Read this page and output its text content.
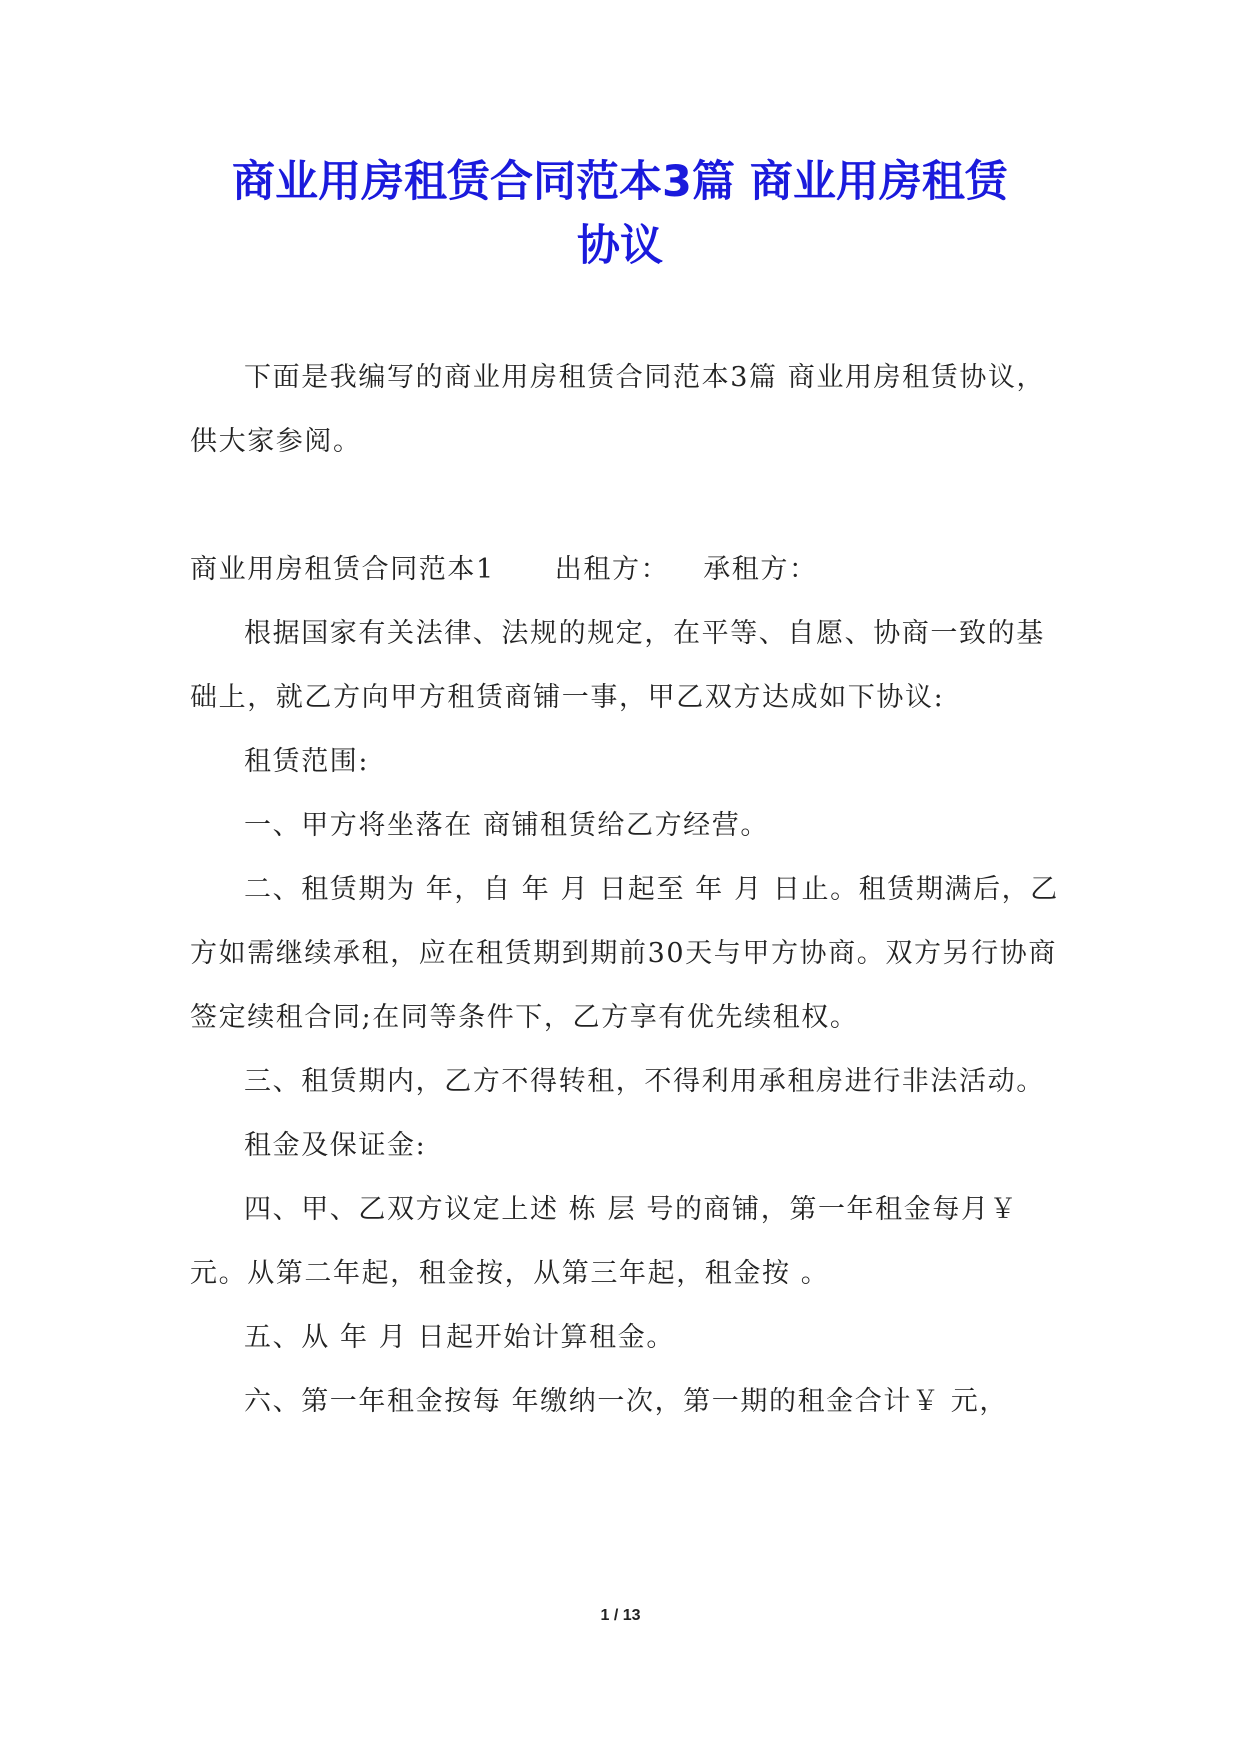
商业用房租赁合同范本3篇 商业用房租赁
协议

下面是我编写的商业用房租赁合同范本3篇 商业用房租赁协议，供大家参阅。

商业用房租赁合同范本1 出租方： 承租方：

根据国家有关法律、法规的规定，在平等、自愿、协商一致的基础上，就乙方向甲方租赁商铺一事，甲乙双方达成如下协议:

租赁范围:

一、甲方将坐落在 商铺租赁给乙方经营。

二、租赁期为 年，自 年 月 日起至 年 月 日止。租赁期满后，乙方如需继续承租，应在租赁期到期前30天与甲方协商。双方另行协商签定续租合同;在同等条件下，乙方享有优先续租权。

三、租赁期内，乙方不得转租，不得利用承租房进行非法活动。

租金及保证金:

四、甲、乙双方议定上述 栋 层 号的商铺，第一年租金每月￥ 元。从第二年起，租金按，从第三年起，租金按 。

五、从 年 月 日起开始计算租金。

六、第一年租金按每 年缴纳一次，第一期的租金合计￥ 元，

1 / 13
